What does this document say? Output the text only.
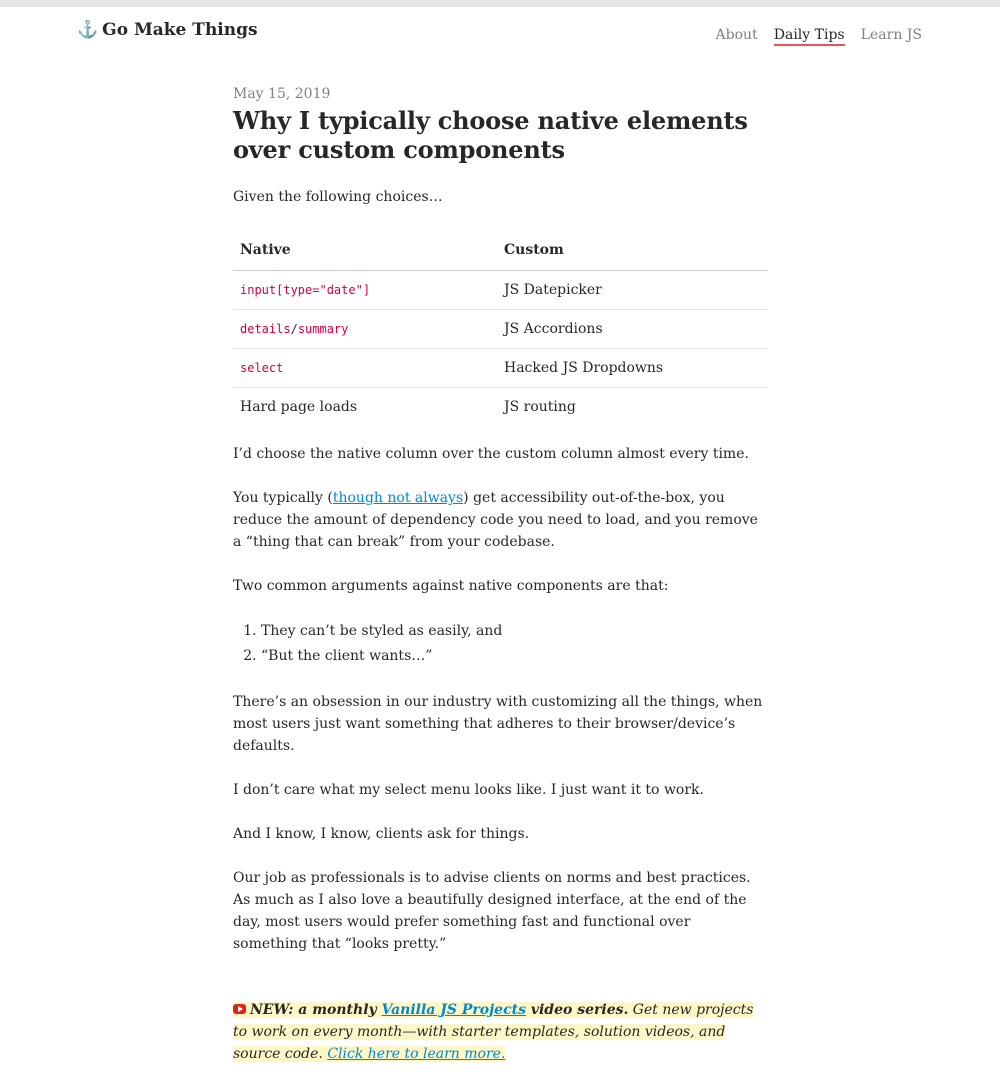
⚓ Go Make Things	About Daily Tips Learn JS

May 15, 2019

Why I typically choose native elements over custom components

Given the following choices…

Native	Custom
input[type="date"]	JS Datepicker
details/summary	JS Accordions
select	Hacked JS Dropdowns
Hard page loads	JS routing

I’d choose the native column over the custom column almost every time.

You typically (though not always) get accessibility out-of-the-box, you reduce the amount of dependency code you need to load, and you remove a “thing that can break” from your codebase.

Two common arguments against native components are that:

1. They can’t be styled as easily, and
2. “But the client wants…”

There’s an obsession in our industry with customizing all the things, when most users just want something that adheres to their browser/device’s defaults.

I don’t care what my select menu looks like. I just want it to work.

And I know, I know, clients ask for things.

Our job as professionals is to advise clients on norms and best practices. As much as I also love a beautifully designed interface, at the end of the day, most users would prefer something fast and functional over something that “looks pretty.”

NEW: a monthly Vanilla JS Projects video series. Get new projects to work on every month—with starter templates, solution videos, and source code. Click here to learn more.
